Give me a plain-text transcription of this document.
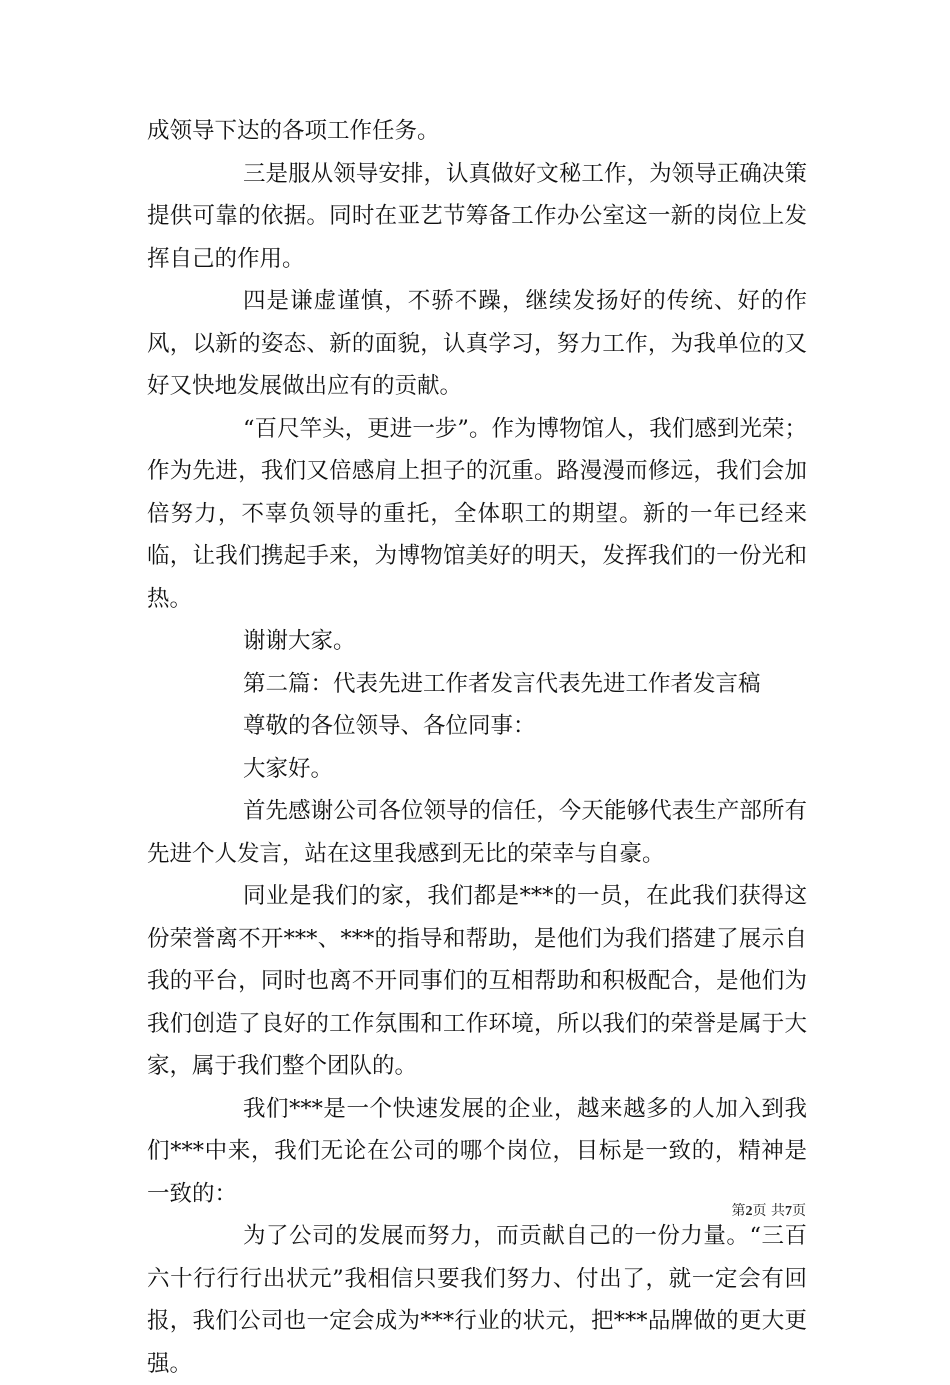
成领导下达的各项工作任务。

三是服从领导安排，认真做好文秘工作，为领导正确决策提供可靠的依据。同时在亚艺节筹备工作办公室这一新的岗位上发挥自己的作用。

四是谦虚谨慎，不骄不躁，继续发扬好的传统、好的作风，以新的姿态、新的面貌，认真学习，努力工作，为我单位的又好又快地发展做出应有的贡献。

“百尺竿头，更进一步”。作为博物馆人，我们感到光荣；作为先进，我们又倍感肩上担子的沉重。路漫漫而修远，我们会加倍努力，不辜负领导的重托，全体职工的期望。新的一年已经来临，让我们携起手来，为博物馆美好的明天，发挥我们的一份光和热。

谢谢大家。

第二篇：代表先进工作者发言代表先进工作者发言稿

尊敬的各位领导、各位同事：

大家好。

首先感谢公司各位领导的信任，今天能够代表生产部所有先进个人发言，站在这里我感到无比的荣幸与自豪。

同业是我们的家，我们都是***的一员，在此我们获得这份荣誉离不开***、***的指导和帮助，是他们为我们搭建了展示自我的平台，同时也离不开同事们的互相帮助和积极配合，是他们为我们创造了良好的工作氛围和工作环境，所以我们的荣誉是属于大家，属于我们整个团队的。

我们***是一个快速发展的企业，越来越多的人加入到我们***中来，我们无论在公司的哪个岗位，目标是一致的，精神是一致的：

为了公司的发展而努力，而贡献自己的一份力量。“三百六十行行行出状元”我相信只要我们努力、付出了，就一定会有回报，我们公司也一定会成为***行业的状元，把***品牌做的更大更强。

第2页 共7页
